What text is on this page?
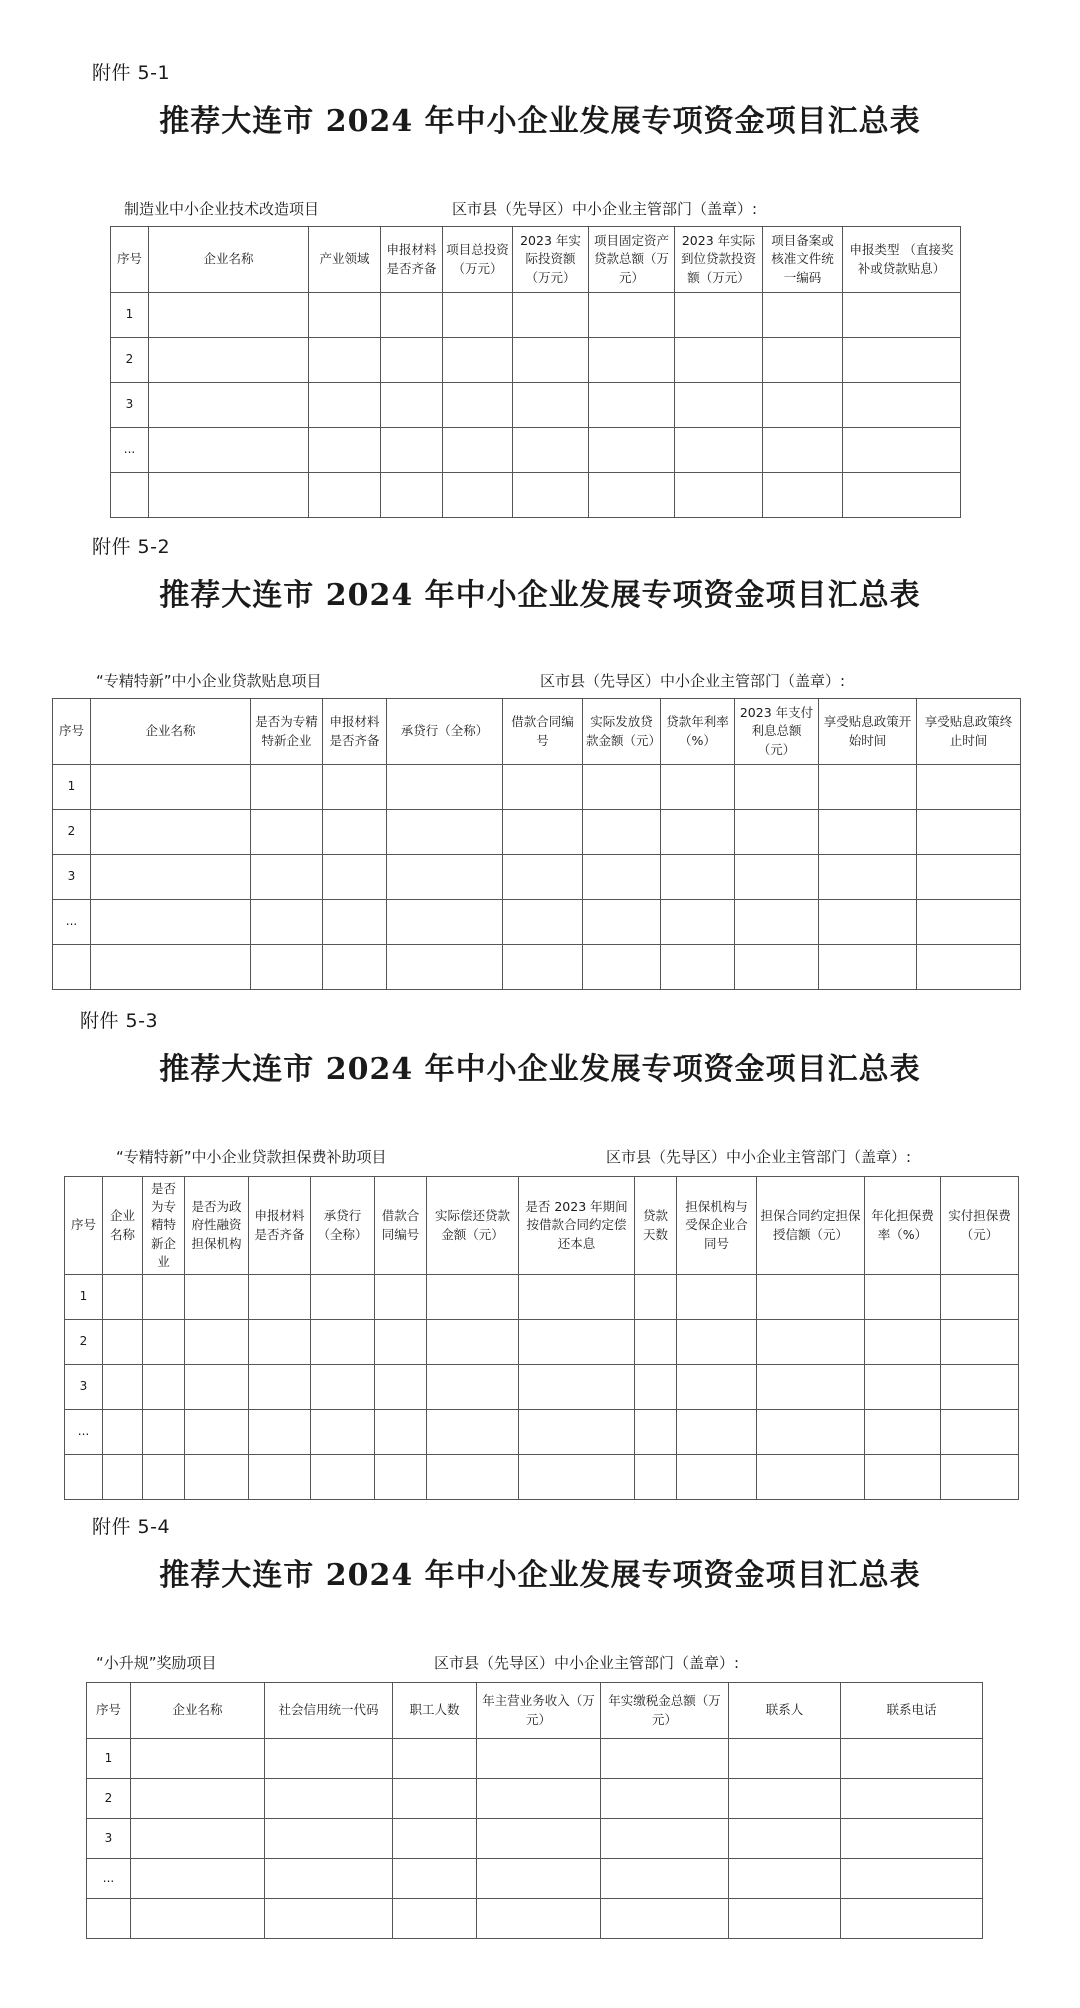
附件 5-1
推荐大连市 2024 年中小企业发展专项资金项目汇总表
制造业中小企业技术改造项目	区市县（先导区）中小企业主管部门（盖章）:
序号	企业名称	产业领域	申报材料是否齐备	项目总投资（万元）	2023 年实际投资额（万元）	项目固定资产贷款总额（万元）	2023 年实际到位贷款投资额（万元）	项目备案或核准文件统一编码	申报类型 （直接奖补或贷款贴息）
1									
2									
3									
...									

附件 5-2
推荐大连市 2024 年中小企业发展专项资金项目汇总表
“专精特新”中小企业贷款贴息项目	区市县（先导区）中小企业主管部门（盖章）:
序号	企业名称	是否为专精特新企业	申报材料是否齐备	承贷行（全称）	借款合同编号	实际发放贷款金额（元）	贷款年利率（%）	2023 年支付利息总额（元）	享受贴息政策开始时间	享受贴息政策终止时间
1										
2										
3										
...										

附件 5-3
推荐大连市 2024 年中小企业发展专项资金项目汇总表
“专精特新”中小企业贷款担保费补助项目	区市县（先导区）中小企业主管部门（盖章）:
序号	企业名称	是否为专精特新企业	是否为政府性融资担保机构	申报材料是否齐备	承贷行（全称）	借款合同编号	实际偿还贷款金额（元）	是否 2023 年期间按借款合同约定偿还本息	贷款天数	担保机构与受保企业合同号	担保合同约定担保授信额（元）	年化担保费率（%）	实付担保费（元）
1													
2													
3													
...													

附件 5-4
推荐大连市 2024 年中小企业发展专项资金项目汇总表
“小升规”奖励项目	区市县（先导区）中小企业主管部门（盖章）:
序号	企业名称	社会信用统一代码	职工人数	年主营业务收入（万元）	年实缴税金总额（万元）	联系人	联系电话
1							
2							
3							
...							
